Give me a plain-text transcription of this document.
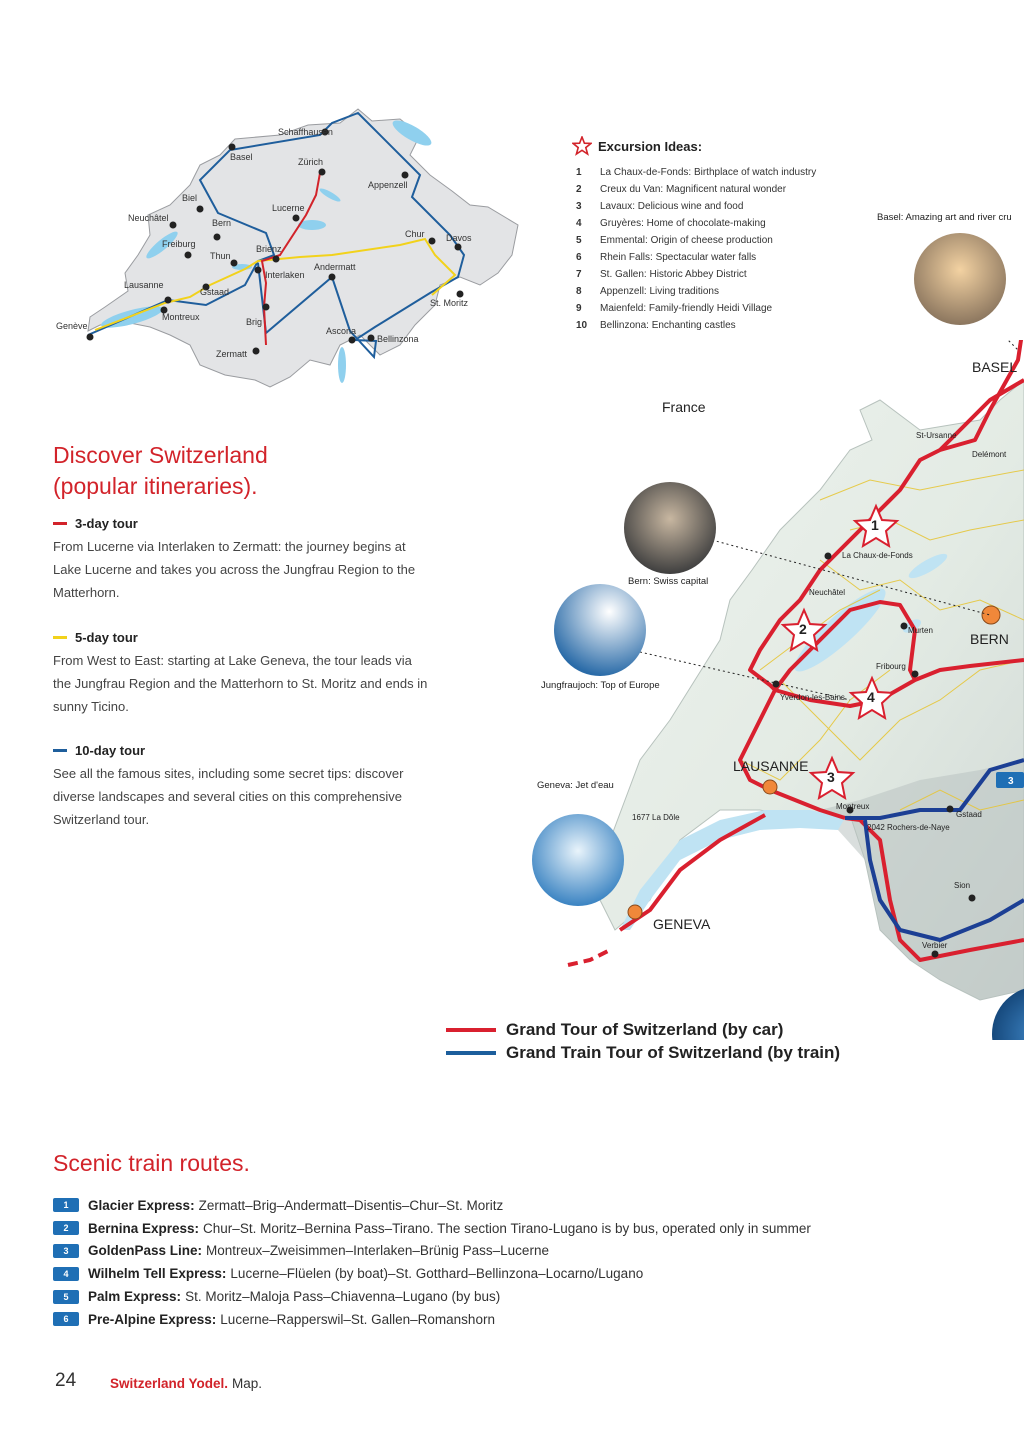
Schaffhausen
Basel	Zürich
Appenzell
Biel
Lucerne
Neuchâtel	Bern
Chur Davos
Freiburg
Thun
Brienz
Andermatt
Interlaken
Lausanne
Gstaad
St. Moritz
Montreux
Genève	Brig
Ascona
Bellinzona
Zermatt
Excursion Ideas:
1	La Chaux-de-Fonds: Birthplace of watch industry
2	Creux du Van: Magnificent natural wonder
3	Lavaux: Delicious wine and food
4	Gruyères: Home of chocolate-making
5	Emmental: Origin of cheese production
6	Rhein Falls: Spectacular water falls
7	St. Gallen: Historic Abbey District
8	Appenzell: Living traditions
9	Maienfeld: Family-friendly Heidi Village
10	Bellinzona: Enchanting castles
Discover Switzerland
(popular itineraries).
3-day tour
From Lucerne via Interlaken to Zermatt: the journey begins at Lake Lucerne and takes you across the Jungfrau Region to the Matterhorn.
5-day tour
From West to East: starting at Lake Geneva, the tour leads via the Jungfrau Region and the Matterhorn to St. Moritz and ends in sunny Ticino.
10-day tour
See all the famous sites, including some secret tips: discover diverse landscapes and several cities on this comprehensive Switzerland tour.
3
France
BASEL
BERN
LAUSANNE
GENEVA
St-Ursanne
Delémont
La Chaux-de-Fonds
Neuchâtel
Murten
Fribourg
Yverdon-les-Bains
Montreux
Gstaad
Sion
Verbier
1677 La Dôle
2042 Rochers-de-Naye
1
2
3
4
Basel: Amazing art and river cru
Bern: Swiss capital
Jungfraujoch: Top of Europe
Geneva: Jet d'eau
Grand Tour of Switzerland (by car)
Grand Train Tour of Switzerland (by train)
Scenic train routes.
1	Glacier Express: Zermatt–Brig–Andermatt–Disentis–Chur–St. Moritz
2	Bernina Express: Chur–St. Moritz–Bernina Pass–Tirano. The section Tirano-Lugano is by bus, operated only in summer
3	GoldenPass Line: Montreux–Zweisimmen–Interlaken–Brünig Pass–Lucerne
4	Wilhelm Tell Express: Lucerne–Flüelen (by boat)–St. Gotthard–Bellinzona–Locarno/Lugano
5	Palm Express: St. Moritz–Maloja Pass–Chiavenna–Lugano (by bus)
6	Pre-Alpine Express: Lucerne–Rapperswil–St. Gallen–Romanshorn
24	Switzerland Yodel. Map.
